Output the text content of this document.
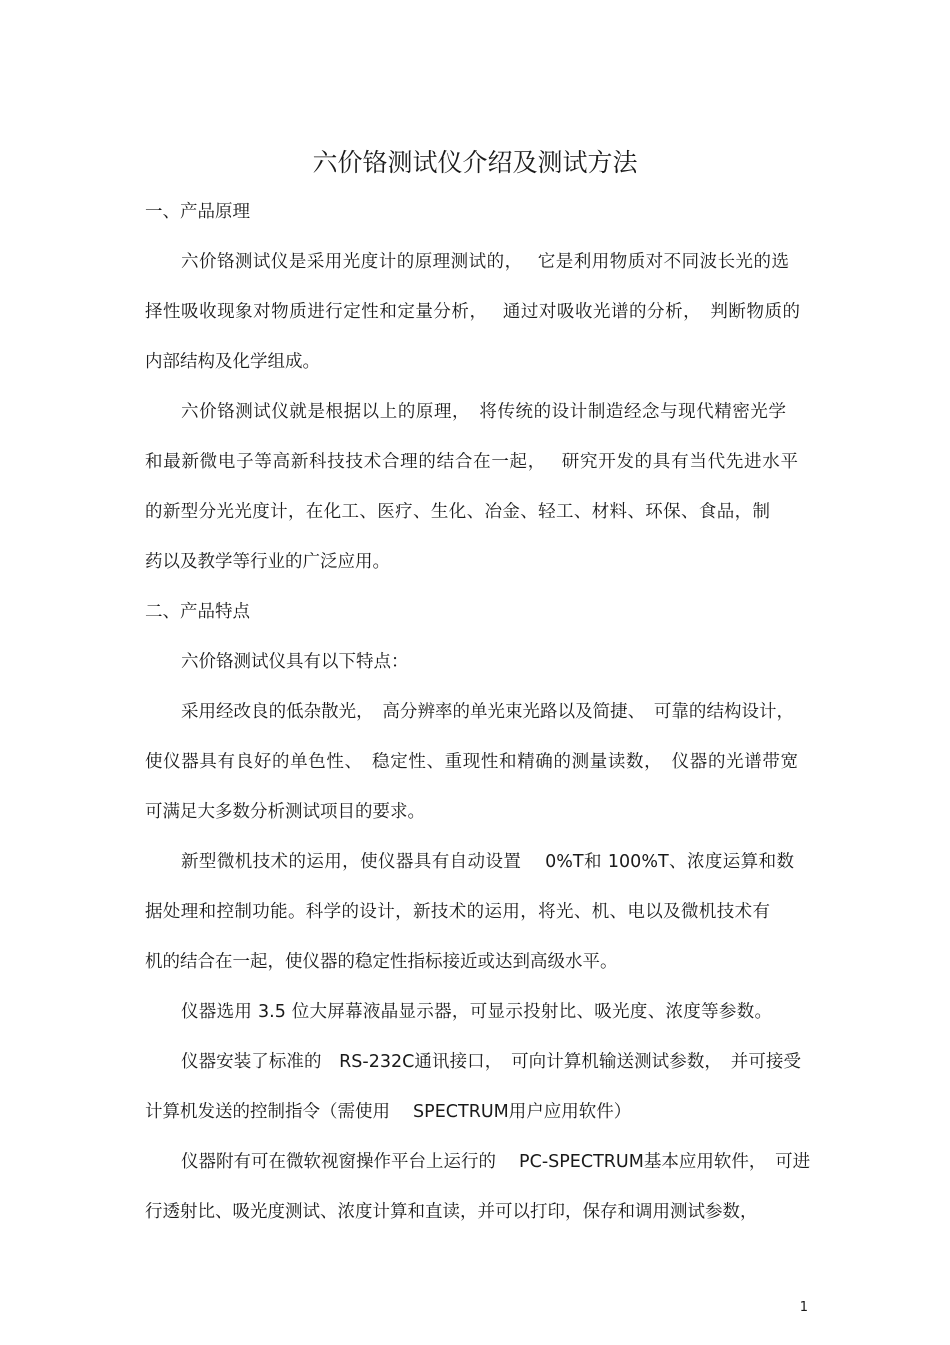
六价铬测试仪介绍及测试方法
一、产品原理
六价铬测试仪是采用光度计的原理测试的，　 它是利用物质对不同波长光的选
择性吸收现象对物质进行定性和定量分析，　 通过对吸收光谱的分析，　判断物质的
内部结构及化学组成。
六价铬测试仪就是根据以上的原理，　将传统的设计制造经念与现代精密光学
和最新微电子等高新科技技术合理的结合在一起，　 研究开发的具有当代先进水平
的新型分光光度计，在化工、医疗、生化、冶金、轻工、材料、环保、食品，制
药以及教学等行业的广泛应用。
二、产品特点
六价铬测试仪具有以下特点：
采用经改良的低杂散光，　高分辨率的单光束光路以及简捷、　可靠的结构设计，
使仪器具有良好的单色性、　稳定性、重现性和精确的测量读数，　仪器的光谱带宽
可满足大多数分析测试项目的要求。
新型微机技术的运用，使仪器具有自动设置　 0%T和 100%T、浓度运算和数
据处理和控制功能。科学的设计，新技术的运用，将光、机、电以及微机技术有
机的结合在一起，使仪器的稳定性指标接近或达到高级水平。
仪器选用 3.5 位大屏幕液晶显示器，可显示投射比、吸光度、浓度等参数。
仪器安装了标准的　RS-232C通讯接口，　可向计算机输送测试参数，　并可接受
计算机发送的控制指令（需使用　 SPECTRUM用户应用软件）
仪器附有可在微软视窗操作平台上运行的　 PC-SPECTRUM基本应用软件，　可进
行透射比、吸光度测试、浓度计算和直读，并可以打印，保存和调用测试参数，
1
